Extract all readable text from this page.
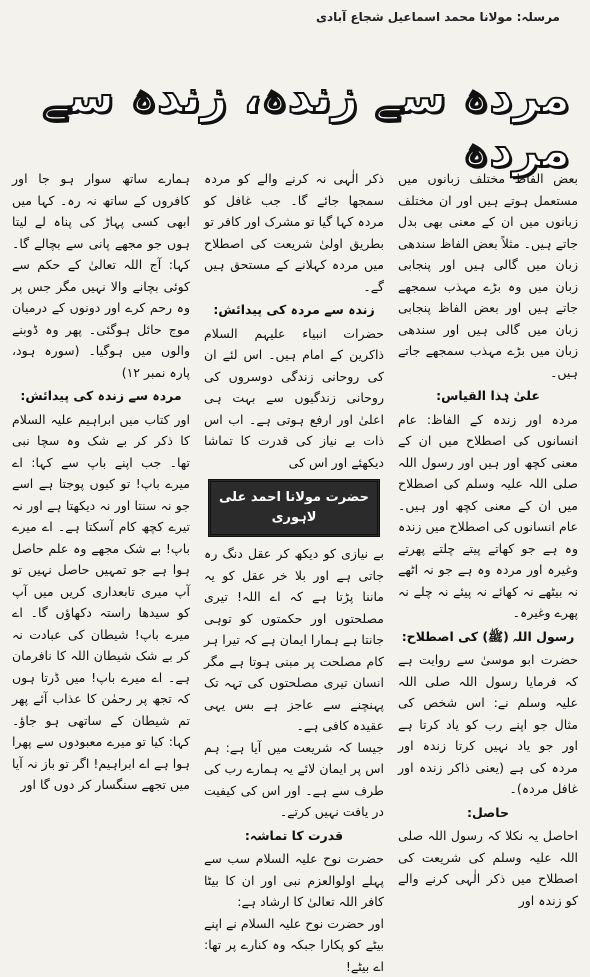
مرسلہ: مولانا محمد اسماعیل شجاع آبادی
مردہ سے زندہ، زندہ سے مردہ

بعض الفاظ مختلف زبانوں میں مستعمل ہوتے ہیں اور ان مختلف زبانوں میں ان کے معنی بھی بدل جاتے ہیں۔ مثلاً بعض الفاظ سندھی زبان میں گالی ہیں اور پنجابی زبان میں وہ بڑے مہذب سمجھے جاتے ہیں اور بعض الفاظ پنجابی زبان میں گالی ہیں اور سندھی زبان میں بڑے مہذب سمجھے جاتے ہیں۔

علیٰ ہٰذا القیاس:

مردہ اور زندہ کے الفاظ: عام انسانوں کی اصطلاح میں ان کے معنی کچھ اور ہیں اور رسول اللہ صلی اللہ علیہ وسلم کی اصطلاح میں ان کے معنی کچھ اور ہیں۔ عام انسانوں کی اصطلاح میں زندہ وہ ہے جو کھاتے پیتے چلتے پھرتے وغیرہ اور مردہ وہ ہے جو نہ اٹھے نہ بیٹھے نہ کھائے نہ پیئے نہ چلے نہ پھرے وغیرہ۔

رسول اللہ (ﷺ) کی اصطلاح:

حضرت ابو موسیٰ سے روایت ہے کہ فرمایا رسول اللہ صلی اللہ علیہ وسلم نے: اس شخص کی مثال جو اپنے رب کو یاد کرتا ہے اور جو یاد نہیں کرتا زندہ اور مردہ کی ہے (یعنی ذاکر زندہ اور غافل مردہ)۔

حاصل:

احاصل یہ نکلا کہ رسول اللہ صلی اللہ علیہ وسلم کی شریعت کی اصطلاح میں ذکر الٰہی کرنے والے کو زندہ اور

ذکر الٰہی نہ کرنے والے کو مردہ سمجھا جائے گا۔ جب غافل کو مردہ کہا گیا تو مشرک اور کافر تو بطریق اولیٰ شریعت کی اصطلاح میں مردہ کہلانے کے مستحق ہیں گے۔

زندہ سے مردہ کی پیدائش:

حضرات انبیاء علیہم السلام ذاکرین کے امام ہیں۔ اس لئے ان کی روحانی زندگی دوسروں کی روحانی زندگیوں سے بہت ہی اعلیٰ اور ارفع ہوتی ہے۔ اب اس ذات بے نیاز کی قدرت کا تماشا دیکھئے اور اس کی

حضرت مولانا احمد علی لاہوری

بے نیازی کو دیکھ کر عقل دنگ رہ جاتی ہے اور بلا خر عقل کو یہ ماننا پڑتا ہے کہ اے اللہ! تیری مصلحتوں اور حکمتوں کو توہی جانتا ہے ہمارا ایمان ہے کہ تیرا ہر کام مصلحت پر مبنی ہوتا ہے مگر انسان تیری مصلحتوں کی تہہ تک پہنچنے سے عاجز ہے بس یہی عقیدہ کافی ہے۔

جیسا کہ شریعت میں آیا ہے: ہم اس پر ایمان لائے یہ ہمارے رب کی طرف سے ہے۔ اور اس کی کیفیت در یافت نہیں کرتے۔

قدرت کا تماشہ:

حضرت نوح علیہ السلام سب سے پہلے اولوالعزم نبی اور ان کا بیٹا کافر اللہ تعالیٰ کا ارشاد ہے:

اور حضرت نوح علیہ السلام نے اپنے بیٹے کو پکارا جبکہ وہ کنارے پر تھا: اے بیٹے!

ہمارے ساتھ سوار ہو جا اور کافروں کے ساتھ نہ رہ۔ کہا میں ابھی کسی پہاڑ کی پناہ لے لیتا ہوں جو مجھے پانی سے بچالے گا۔ کہا: آج اللہ تعالیٰ کے حکم سے کوئی بچانے والا نہیں مگر جس پر وہ رحم کرے اور دونوں کے درمیان موج حائل ہوگئی۔ پھر وہ ڈوبنے والوں میں ہوگیا۔ (سورہ ہود، پارہ نمبر ۱۲)

مردہ سے زندہ کی پیدائش:

اور کتاب میں ابراہیم علیہ السلام کا ذکر کر بے شک وہ سچا نبی تھا۔ جب اپنے باپ سے کہا: اے میرے باپ! تو کیوں پوجتا ہے اسے جو نہ سنتا اور نہ دیکھتا ہے اور نہ تیرے کچھ کام آسکتا ہے۔ اے میرے باپ! بے شک مجھے وہ علم حاصل ہوا ہے جو تمہیں حاصل نہیں تو آپ میری تابعداری کریں میں آپ کو سیدھا راستہ دکھاؤں گا۔ اے میرے باپ! شیطان کی عبادت نہ کر بے شک شیطان اللہ کا نافرمان ہے۔ اے میرے باپ! میں ڈرتا ہوں کہ تجھ پر رحمٰن کا عذاب آئے پھر تم شیطان کے ساتھی ہو جاؤ۔ کہا: کیا تو میرے معبودوں سے پھرا ہوا ہے اے ابراہیم! اگر تو باز نہ آیا میں تجھے سنگسار کر دوں گا اور
